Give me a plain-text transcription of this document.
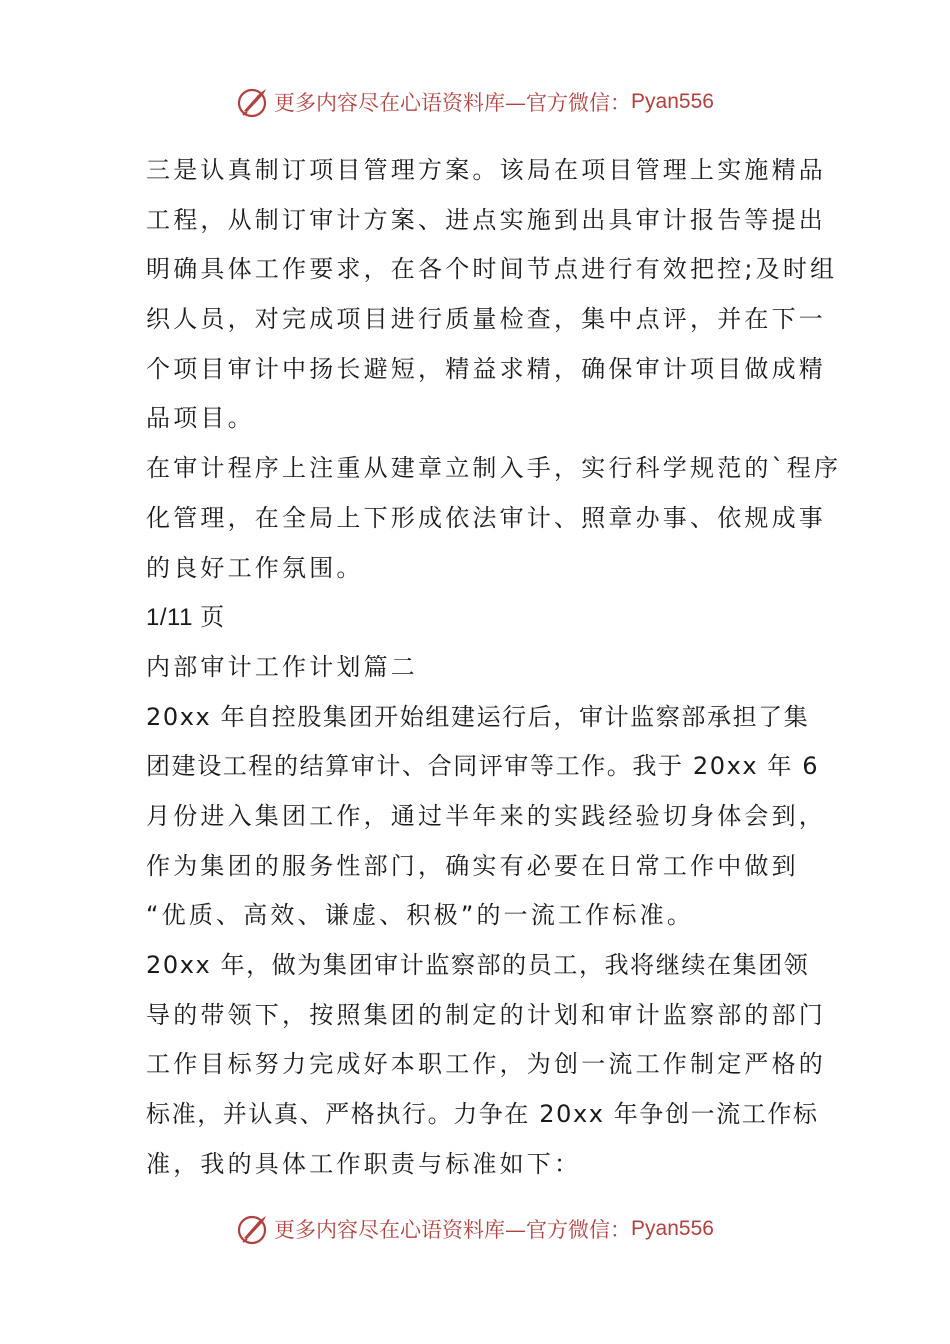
更多内容尽在心语资料库—官方微信： Pyan556
三是认真制订项目管理方案。该局在项目管理上实施精品
工程，从制订审计方案、进点实施到出具审计报告等提出
明确具体工作要求，在各个时间节点进行有效把控;及时组
织人员，对完成项目进行质量检查，集中点评，并在下一
个项目审计中扬长避短，精益求精，确保审计项目做成精
品项目。
在审计程序上注重从建章立制入手，实行科学规范的`程序
化管理，在全局上下形成依法审计、照章办事、依规成事
的良好工作氛围。
1/11 页
内部审计工作计划篇二
20xx 年自控股集团开始组建运行后，审计监察部承担了集
团建设工程的结算审计、合同评审等工作。我于 20xx 年 6
月份进入集团工作，通过半年来的实践经验切身体会到，
作为集团的服务性部门，确实有必要在日常工作中做到
“优质、高效、谦虚、积极”的一流工作标准。
20xx 年，做为集团审计监察部的员工，我将继续在集团领
导的带领下，按照集团的制定的计划和审计监察部的部门
工作目标努力完成好本职工作，为创一流工作制定严格的
标准，并认真、严格执行。力争在 20xx 年争创一流工作标
准，我的具体工作职责与标准如下：
更多内容尽在心语资料库—官方微信： Pyan556
